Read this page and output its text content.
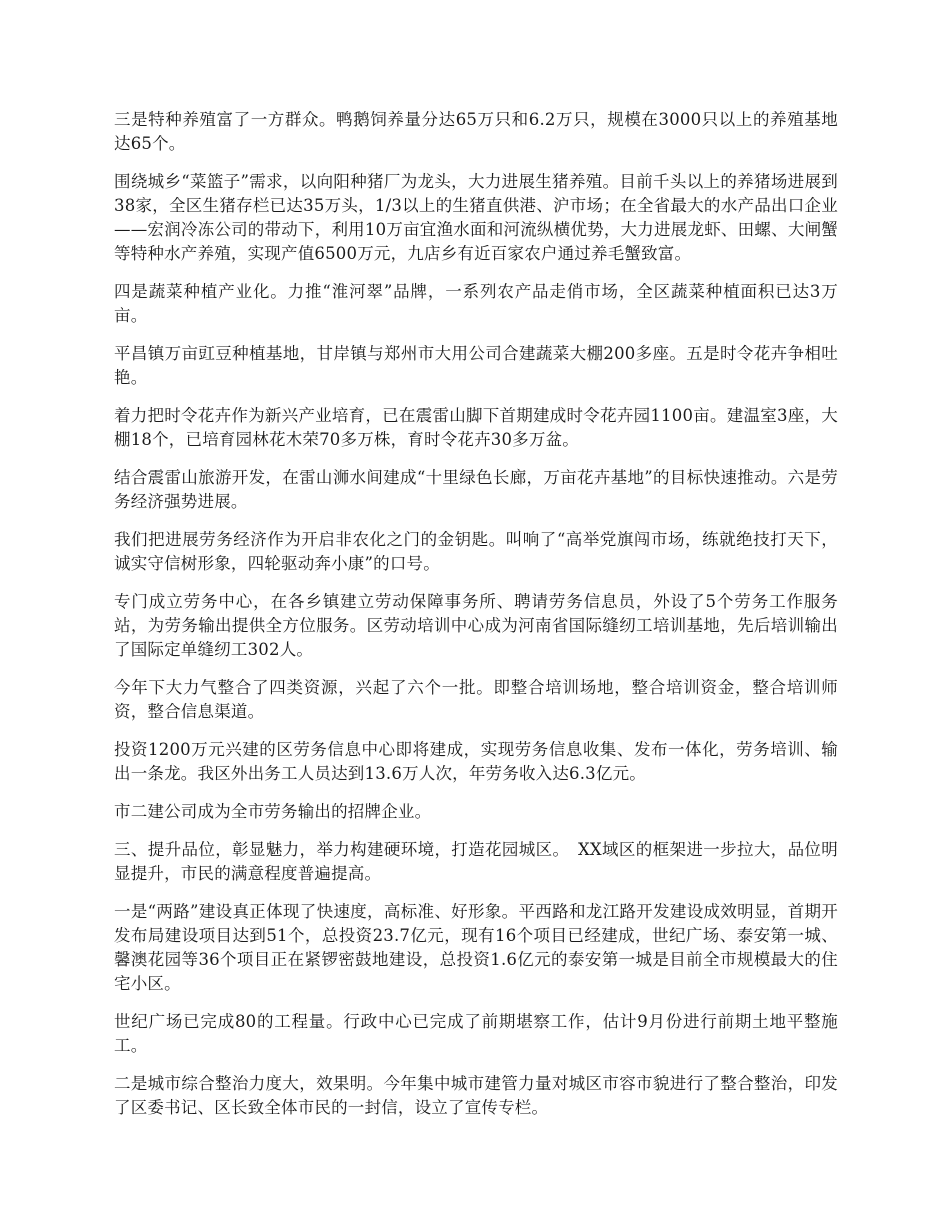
三是特种养殖富了一方群众。鸭鹅饲养量分达65万只和6.2万只，规模在3000只以上的养殖基地达65个。

围绕城乡“菜篮子”需求，以向阳种猪厂为龙头，大力进展生猪养殖。目前千头以上的养猪场进展到38家，全区生猪存栏已达35万头，1/3以上的生猪直供港、沪市场；在全省最大的水产品出口企业——宏润冷冻公司的带动下，利用10万亩宜渔水面和河流纵横优势，大力进展龙虾、田螺、大闸蟹等特种水产养殖，实现产值6500万元，九店乡有近百家农户通过养毛蟹致富。

四是蔬菜种植产业化。力推“淮河翠”品牌，一系列农产品走俏市场，全区蔬菜种植面积已达3万亩。

平昌镇万亩豇豆种植基地，甘岸镇与郑州市大用公司合建蔬菜大棚200多座。五是时令花卉争相吐艳。

着力把时令花卉作为新兴产业培育，已在震雷山脚下首期建成时令花卉园1100亩。建温室3座，大棚18个，已培育园林花木荣70多万株，育时令花卉30多万盆。

结合震雷山旅游开发，在雷山浉水间建成“十里绿色长廊，万亩花卉基地”的目标快速推动。六是劳务经济强势进展。

我们把进展劳务经济作为开启非农化之门的金钥匙。叫响了“高举党旗闯市场，练就绝技打天下，诚实守信树形象，四轮驱动奔小康”的口号。

专门成立劳务中心，在各乡镇建立劳动保障事务所、聘请劳务信息员，外设了5个劳务工作服务站，为劳务输出提供全方位服务。区劳动培训中心成为河南省国际缝纫工培训基地，先后培训输出了国际定单缝纫工302人。

今年下大力气整合了四类资源，兴起了六个一批。即整合培训场地，整合培训资金，整合培训师资，整合信息渠道。

投资1200万元兴建的区劳务信息中心即将建成，实现劳务信息收集、发布一体化，劳务培训、输出一条龙。我区外出务工人员达到13.6万人次，年劳务收入达6.3亿元。

市二建公司成为全市劳务输出的招牌企业。

三、提升品位，彰显魅力，举力构建硬环境，打造花园城区。　XX域区的框架进一步拉大，品位明显提升，市民的满意程度普遍提高。

一是“两路”建设真正体现了快速度，高标准、好形象。平西路和龙江路开发建设成效明显，首期开发布局建设项目达到51个，总投资23.7亿元，现有16个项目已经建成，世纪广场、泰安第一城、馨澳花园等36个项目正在紧锣密鼓地建设，总投资1.6亿元的泰安第一城是目前全市规模最大的住宅小区。

世纪广场已完成80的工程量。行政中心已完成了前期堪察工作，估计9月份进行前期土地平整施工。

二是城市综合整治力度大，效果明。今年集中城市建管力量对城区市容市貌进行了整合整治，印发了区委书记、区长致全体市民的一封信，设立了宣传专栏。
